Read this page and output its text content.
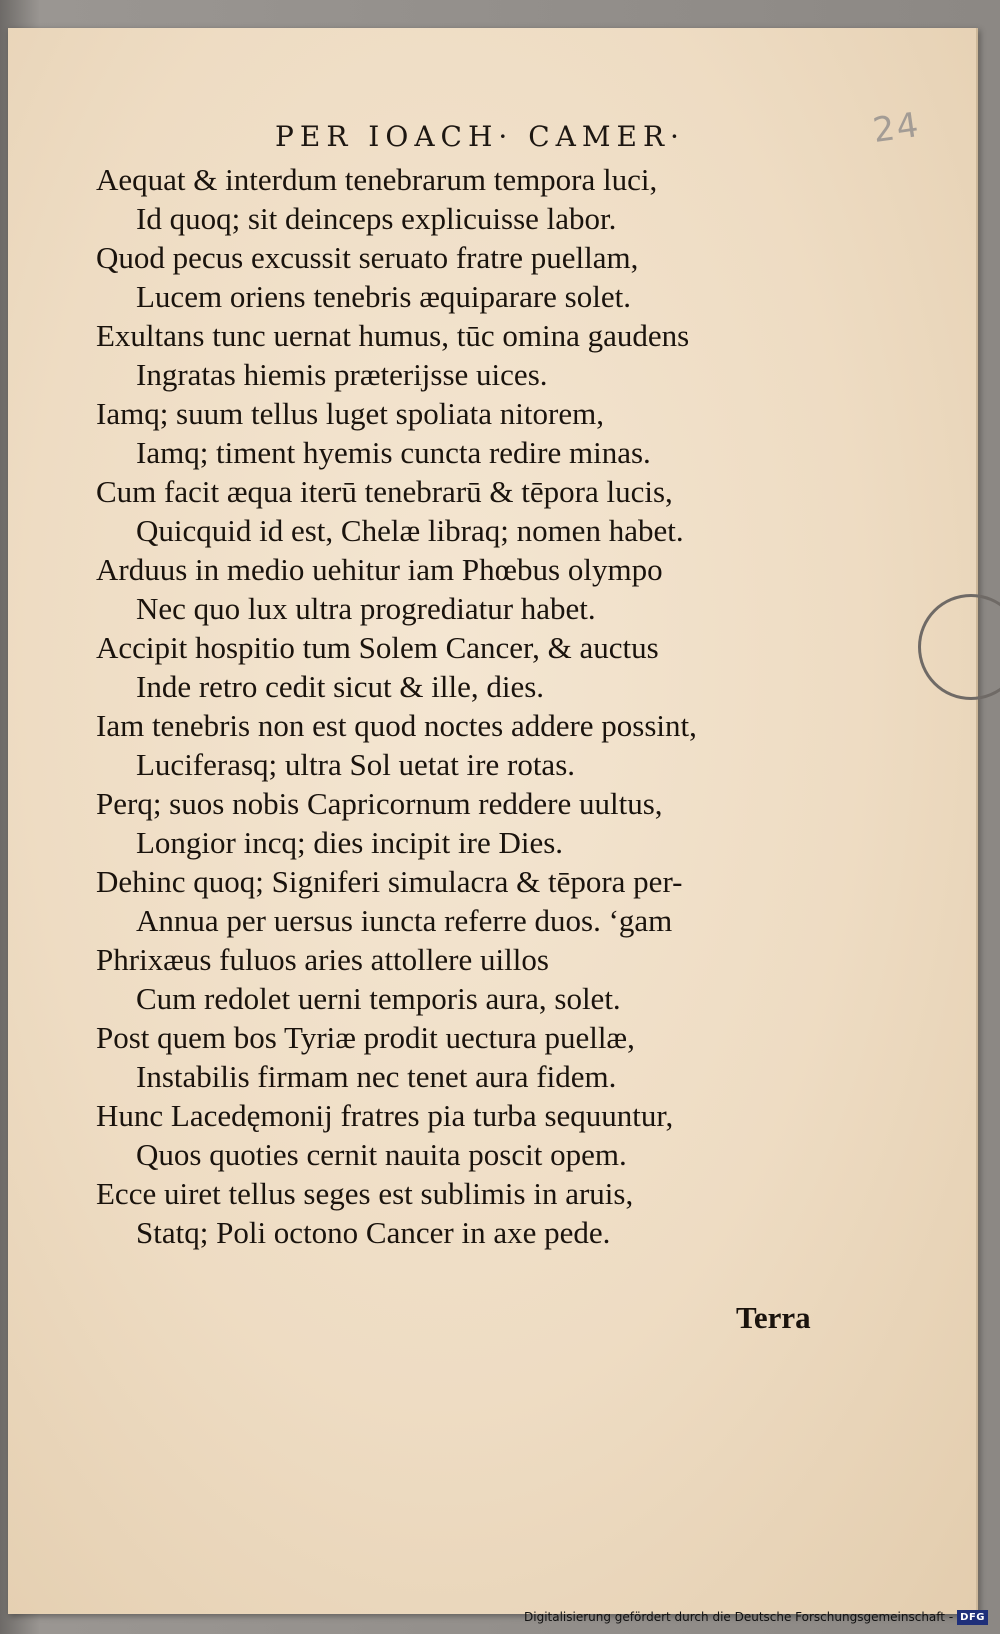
24
PER IOACH· CAMER·
Aequat & interdum tenebrarum tempora luci,
Id quoq; sit deinceps explicuisse labor.
Quod pecus excussit seruato fratre puellam,
Lucem oriens tenebris æquiparare solet.
Exultans tunc uernat humus, tūc omina gaudens
Ingratas hiemis præterijsse uices.
Iamq; suum tellus luget spoliata nitorem,
Iamq; timent hyemis cuncta redire minas.
Cum facit æqua iterū tenebrarū & tēpora lucis,
Quicquid id est, Chelæ libraq; nomen habet.
Arduus in medio uehitur iam Phœbus olympo
Nec quo lux ultra progrediatur habet.
Accipit hospitio tum Solem Cancer, & auctus
Inde retro cedit sicut & ille, dies.
Iam tenebris non est quod noctes addere possint,
Luciferasq; ultra Sol uetat ire rotas.
Perq; suos nobis Capricornum reddere uultus,
Longior incq; dies incipit ire Dies.
Dehinc quoq; Signiferi simulacra & tēpora per-
Annua per uersus iuncta referre duos. ʻgam
Phrixæus fuluos aries attollere uillos
Cum redolet uerni temporis aura, solet.
Post quem bos Tyriæ prodit uectura puellæ,
Instabilis firmam nec tenet aura fidem.
Hunc Lacedęmonij fratres pia turba sequuntur,
Quos quoties cernit nauita poscit opem.
Ecce uiret tellus seges est sublimis in aruis,
Statq; Poli octono Cancer in axe pede.
Terra
Digitalisierung gefördert durch die Deutsche Forschungsgemeinschaft - DFG
